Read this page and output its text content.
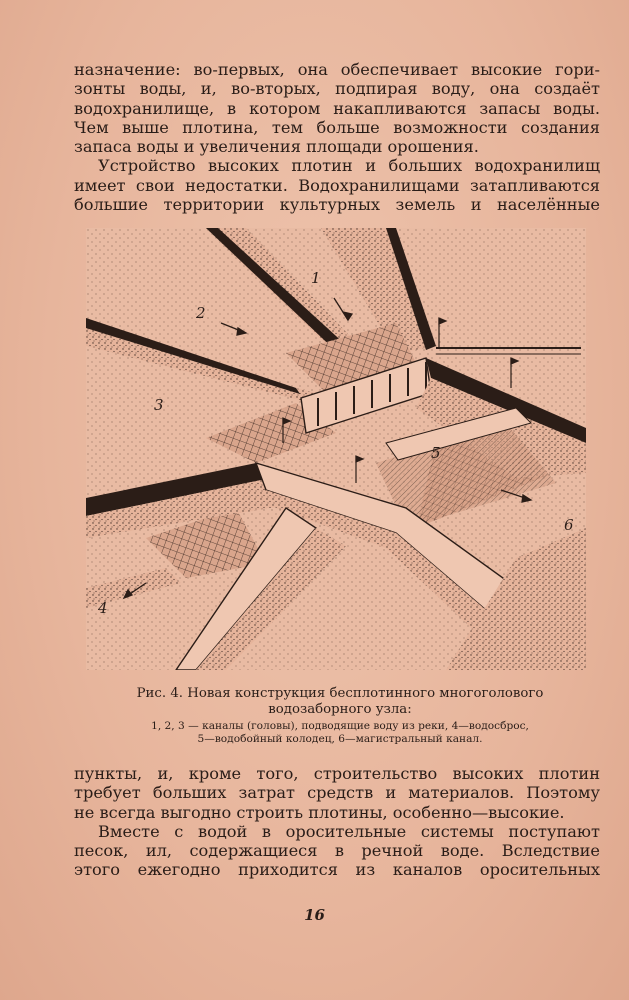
назначение: во-первых, она обеспечивает высокие гори-
зонты воды, и, во-вторых, подпирая воду, она создаёт
водохранилище, в котором накапливаются запасы воды.
Чем выше плотина, тем больше возможности создания
запаса воды и увеличения площади орошения.
Устройство высоких плотин и больших водохранилищ
имеет свои недостатки. Водохранилищами затапливаются
большие территории культурных земель и населённые
1
2
3
4
5
6
Рис. 4. Новая конструкция бесплотинного многоголового
водозаборного узла:
1, 2, 3 — каналы (головы), подводящие воду из реки, 4—водосброс,
5—водобойный колодец, 6—магистральный канал.
пункты, и, кроме того, строительство высоких плотин
требует больших затрат средств и материалов. Поэтому
не всегда выгодно строить плотины, особенно—высокие.
Вместе с водой в оросительные системы поступают
песок, ил, содержащиеся в речной воде. Вследствие
этого ежегодно приходится из каналов оросительных
16
